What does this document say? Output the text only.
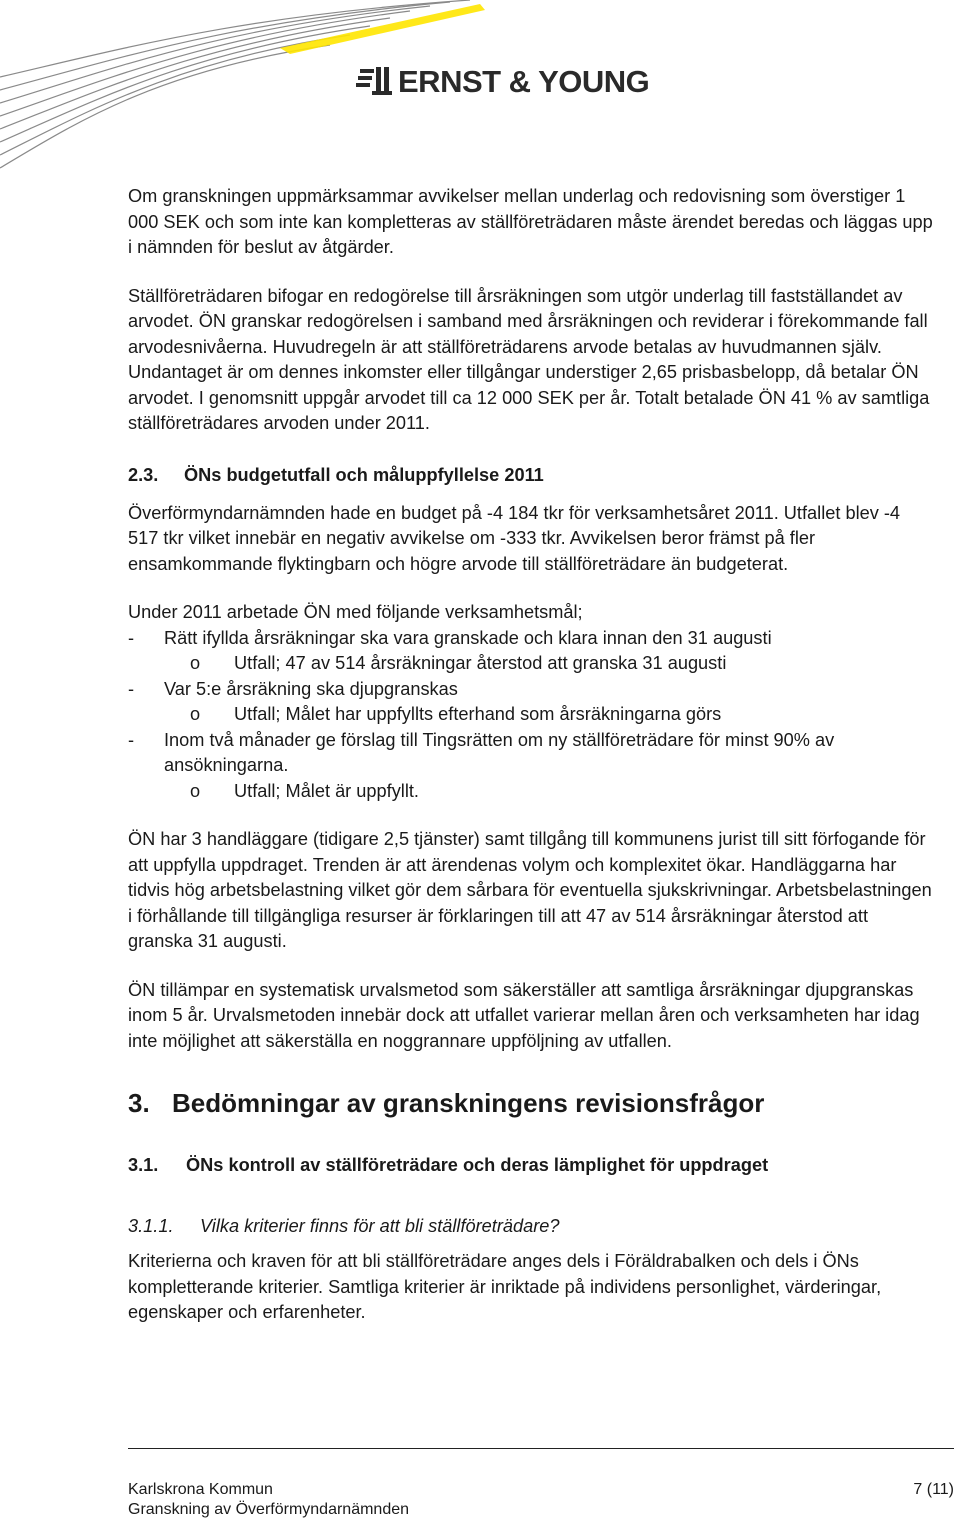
ERNST & YOUNG

Om granskningen uppmärksammar avvikelser mellan underlag och redovisning som överstiger 1 000 SEK och som inte kan kompletteras av ställföreträdaren måste ärendet beredas och läggas upp i nämnden för beslut av åtgärder.

Ställföreträdaren bifogar en redogörelse till årsräkningen som utgör underlag till fastställandet av arvodet. ÖN granskar redogörelsen i samband med årsräkningen och reviderar i förekommande fall arvodesnivåerna. Huvudregeln är att ställföreträdarens arvode betalas av huvudmannen själv. Undantaget är om dennes inkomster eller tillgångar understiger 2,65 prisbasbelopp, då betalar ÖN arvodet. I genomsnitt uppgår arvodet till ca 12 000 SEK per år. Totalt betalade ÖN 41 % av samtliga ställföreträdares arvoden under 2011.

2.3.	ÖNs budgetutfall och måluppfyllelse 2011

Överförmyndarnämnden hade en budget på -4 184 tkr för verksamhetsåret 2011. Utfallet blev -4 517 tkr vilket innebär en negativ avvikelse om -333 tkr. Avvikelsen beror främst på fler ensamkommande flyktingbarn och högre arvode till ställföreträdare än budgeterat.

Under 2011 arbetade ÖN med följande verksamhetsmål;

-	Rätt ifyllda årsräkningar ska vara granskade och klara innan den 31 augusti
o	Utfall; 47 av 514 årsräkningar återstod att granska 31 augusti
-	Var 5:e årsräkning ska djupgranskas
o	Utfall; Målet har uppfyllts efterhand som årsräkningarna görs
-	Inom två månader ge förslag till Tingsrätten om ny ställföreträdare för minst 90% av ansökningarna.
o	Utfall; Målet är uppfyllt.

ÖN har 3 handläggare (tidigare 2,5 tjänster) samt tillgång till kommunens jurist till sitt förfogande för att uppfylla uppdraget. Trenden är att ärendenas volym och komplexitet ökar. Handläggarna har tidvis hög arbetsbelastning vilket gör dem sårbara för eventuella sjukskrivningar. Arbetsbelastningen i förhållande till tillgängliga resurser är förklaringen till att 47 av 514 årsräkningar återstod att granska 31 augusti.

ÖN tillämpar en systematisk urvalsmetod som säkerställer att samtliga årsräkningar djupgranskas inom 5 år. Urvalsmetoden innebär dock att utfallet varierar mellan åren och verksamheten har idag inte möjlighet att säkerställa en noggrannare uppföljning av utfallen.

3. Bedömningar av granskningens revisionsfrågor
3.1.	ÖNs kontroll av ställföreträdare och deras lämplighet för uppdraget
3.1.1.	Vilka kriterier finns för att bli ställföreträdare?

Kriterierna och kraven för att bli ställföreträdare anges dels i Föräldrabalken och dels i ÖNs kompletterande kriterier. Samtliga kriterier är inriktade på individens personlighet, värderingar, egenskaper och erfarenheter.

Karlskrona Kommun	7 (11)
Granskning av Överförmyndarnämnden
